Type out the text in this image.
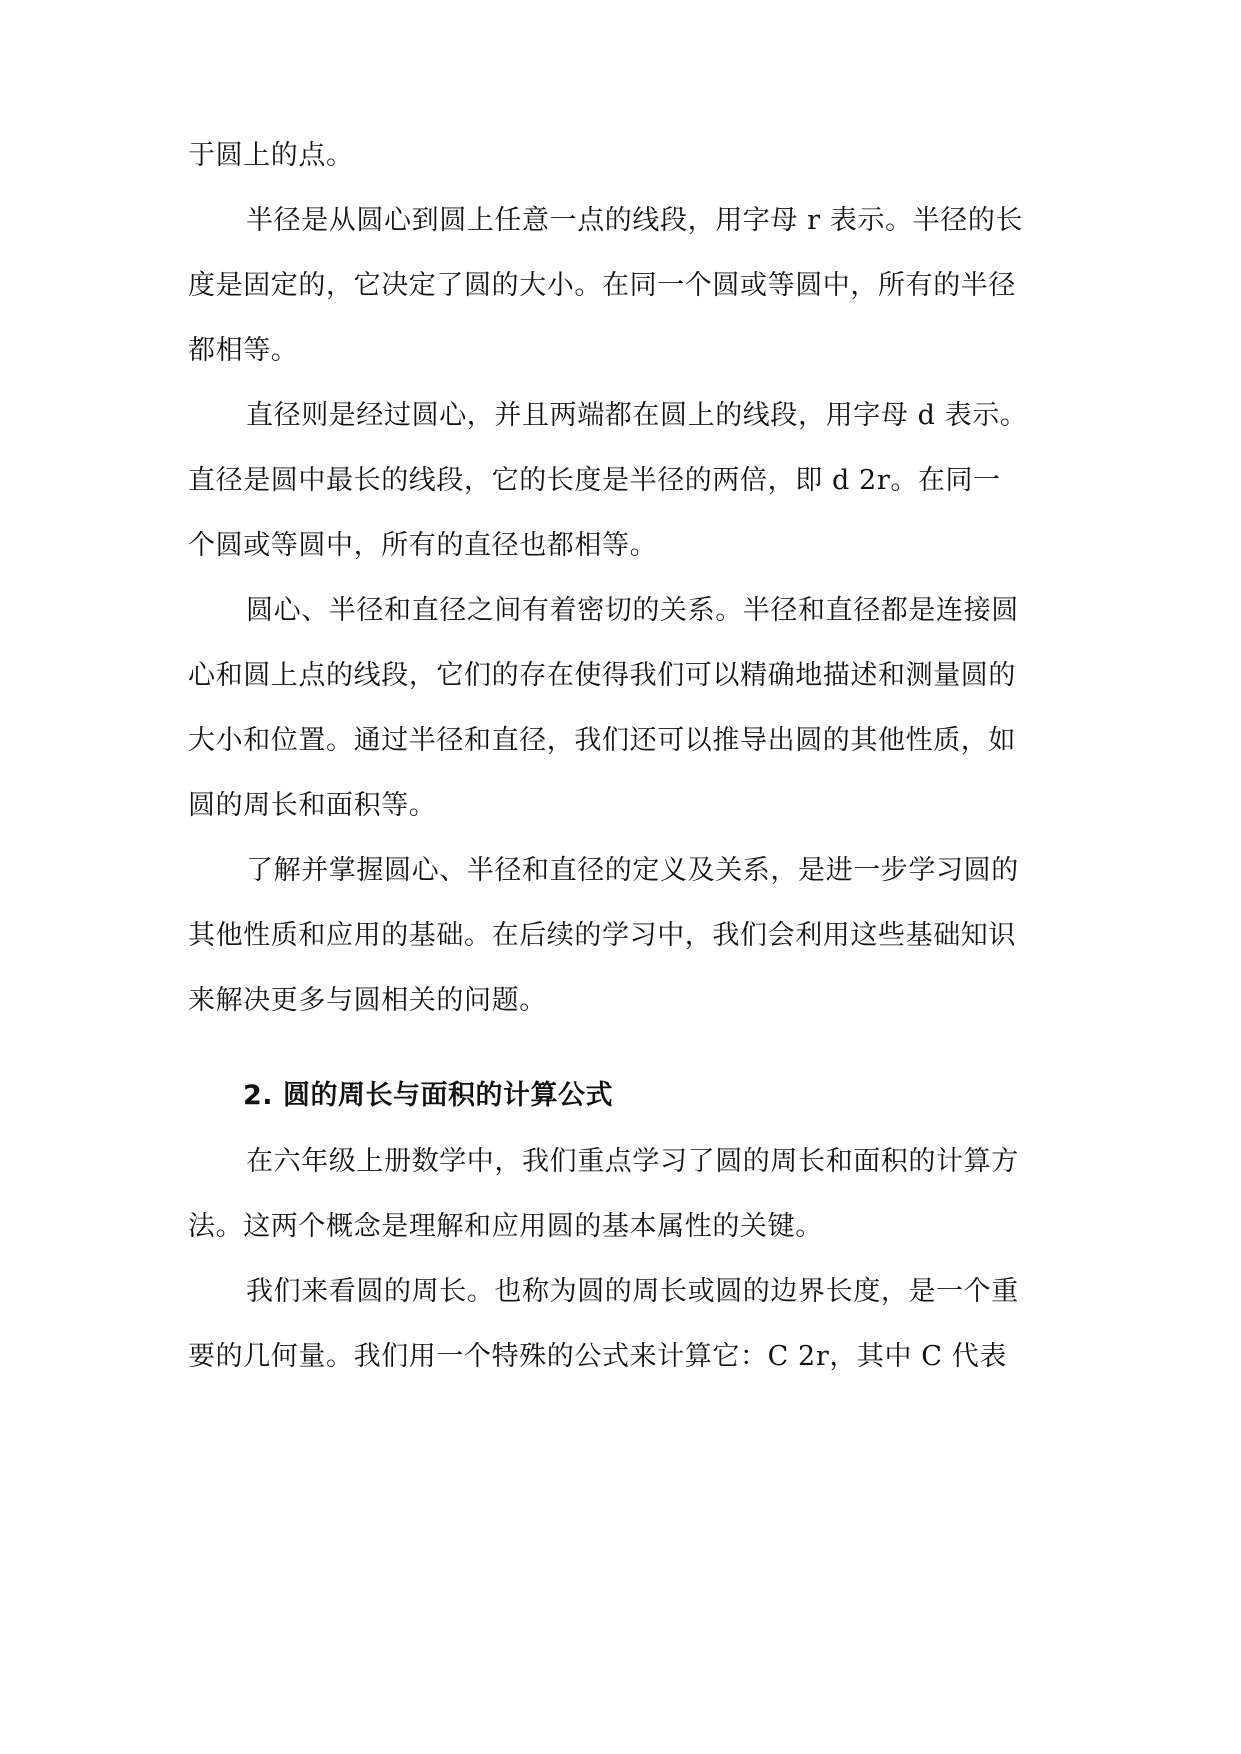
于圆上的点。
半径是从圆心到圆上任意一点的线段，用字母 r 表示。半径的长
度是固定的，它决定了圆的大小。在同一个圆或等圆中，所有的半径
都相等。
直径则是经过圆心，并且两端都在圆上的线段，用字母 d 表示。
直径是圆中最长的线段，它的长度是半径的两倍，即 d 2r。在同一
个圆或等圆中，所有的直径也都相等。
圆心、半径和直径之间有着密切的关系。半径和直径都是连接圆
心和圆上点的线段，它们的存在使得我们可以精确地描述和测量圆的
大小和位置。通过半径和直径，我们还可以推导出圆的其他性质，如
圆的周长和面积等。
了解并掌握圆心、半径和直径的定义及关系，是进一步学习圆的
其他性质和应用的基础。在后续的学习中，我们会利用这些基础知识
来解决更多与圆相关的问题。
2. 圆的周长与面积的计算公式
在六年级上册数学中，我们重点学习了圆的周长和面积的计算方
法。这两个概念是理解和应用圆的基本属性的关键。
我们来看圆的周长。也称为圆的周长或圆的边界长度，是一个重
要的几何量。我们用一个特殊的公式来计算它：C 2r，其中 C 代表
